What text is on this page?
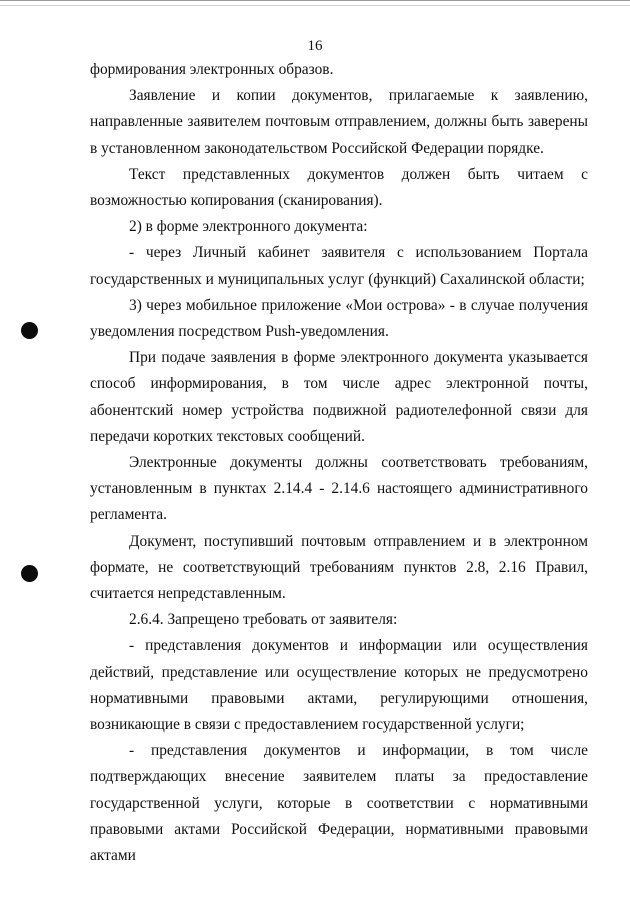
16

формирования электронных образов.

Заявление и копии документов, прилагаемые к заявлению, направленные заявителем почтовым отправлением, должны быть заверены в установленном законодательством Российской Федерации порядке.

Текст представленных документов должен быть читаем с возможностью копирования (сканирования).

2) в форме электронного документа:

- через Личный кабинет заявителя с использованием Портала государственных и муниципальных услуг (функций) Сахалинской области;

3) через мобильное приложение «Мои острова» - в случае получения уведомления посредством Push-уведомления.

При подаче заявления в форме электронного документа указывается способ информирования, в том числе адрес электронной почты, абонентский номер устройства подвижной радиотелефонной связи для передачи коротких текстовых сообщений.

Электронные документы должны соответствовать требованиям, установленным в пунктах 2.14.4 - 2.14.6 настоящего административного регламента.

Документ, поступивший почтовым отправлением и в электронном формате, не соответствующий требованиям пунктов 2.8, 2.16 Правил, считается непредставленным.

2.6.4. Запрещено требовать от заявителя:

- представления документов и информации или осуществления действий, представление или осуществление которых не предусмотрено нормативными правовыми актами, регулирующими отношения, возникающие в связи с предоставлением государственной услуги;

- представления документов и информации, в том числе подтверждающих внесение заявителем платы за предоставление государственной услуги, которые в соответствии с нормативными правовыми актами Российской Федерации, нормативными правовыми актами
